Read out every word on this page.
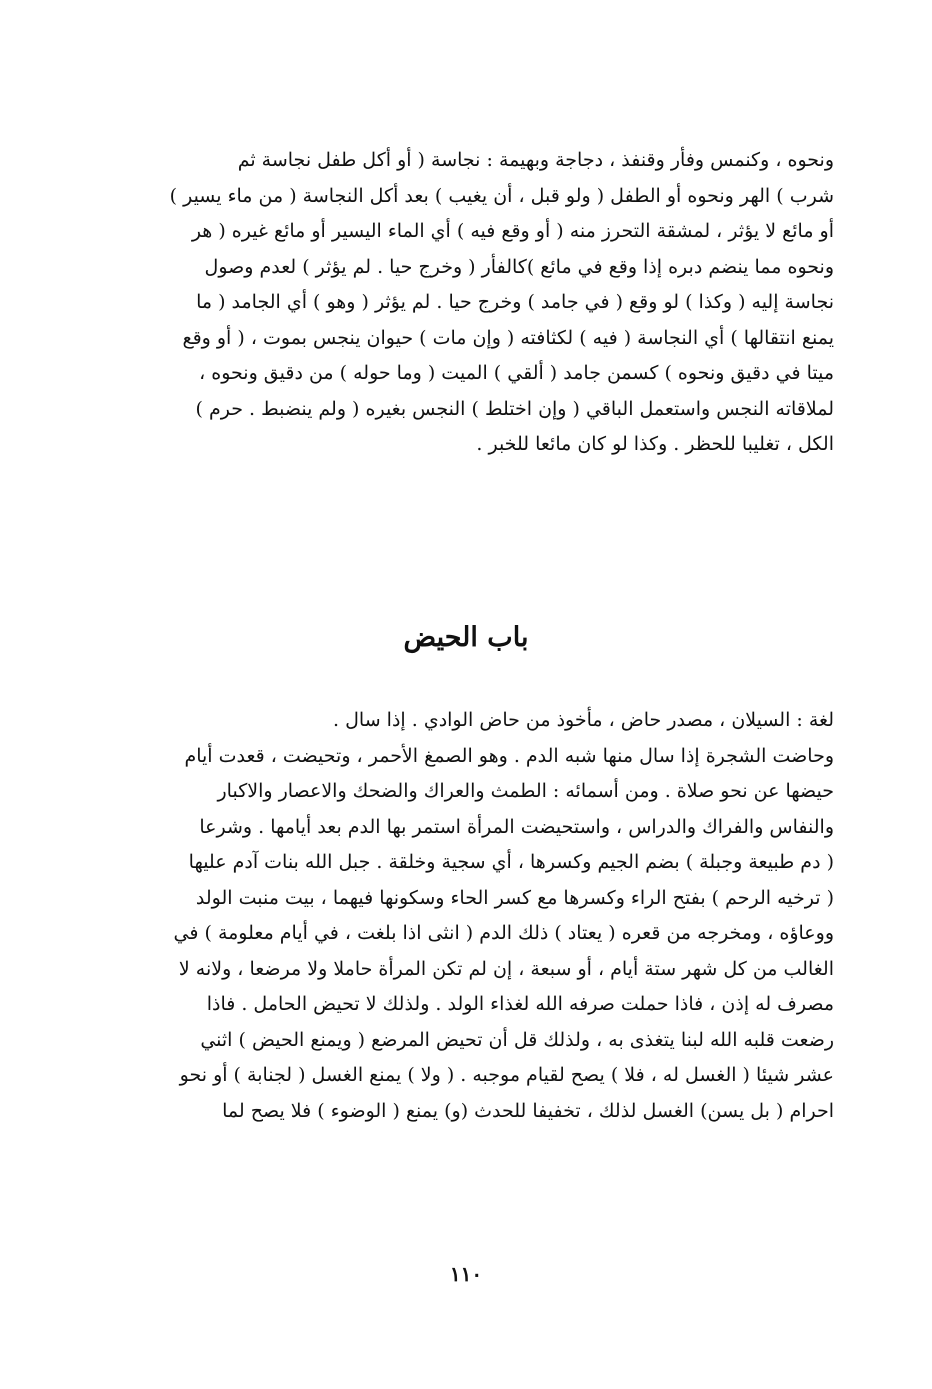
ونحوه ، وكنمس وفأر وقنفذ ، دجاجة وبهيمة : نجاسة ( أو أكل طفل نجاسة ثم
شرب ) الهر ونحوه أو الطفل ( ولو قبل ، أن يغيب ) بعد أكل النجاسة ( من ماء يسير )
أو مائع لا يؤثر ، لمشقة التحرز منه ( أو وقع فيه ) أي الماء اليسير أو مائع غيره ( هر
ونحوه مما ينضم دبره إذا وقع في مائع )كالفأر ( وخرج حيا . لم يؤثر ) لعدم وصول
نجاسة إليه ( وكذا ) لو وقع ( في جامد ) وخرج حيا . لم يؤثر ( وهو ) أي الجامد ( ما
يمنع انتقالها ) أي النجاسة ( فيه ) لكثافته ( وإن مات ) حيوان ينجس بموت ، ( أو وقع
ميتا في دقيق ونحوه ) كسمن جامد ( ألقي ) الميت ( وما حوله ) من دقيق ونحوه ،
لملاقاته النجس واستعمل الباقي ( وإن اختلط ) النجس بغيره ( ولم ينضبط . حرم )
الكل ، تغليبا للحظر . وكذا لو كان مائعا للخبر .
باب الحيض
لغة : السيلان ، مصدر حاض ، مأخوذ من حاض الوادي . إذا سال .
وحاضت الشجرة إذا سال منها شبه الدم . وهو الصمغ الأحمر ، وتحيضت ، قعدت أيام
حيضها عن نحو صلاة . ومن أسمائه : الطمث والعراك والضحك والاعصار والاكبار
والنفاس والفراك والدراس ، واستحيضت المرأة استمر بها الدم بعد أيامها . وشرعا
( دم طبيعة وجبلة ) بضم الجيم وكسرها ، أي سجية وخلقة . جبل الله بنات آدم عليها
( ترخيه الرحم ) بفتح الراء وكسرها مع كسر الحاء وسكونها فيهما ، بيت منبت الولد
ووعاؤه ، ومخرجه من قعره ( يعتاد ) ذلك الدم ( انثى اذا بلغت ، في أيام معلومة ) في
الغالب من كل شهر ستة أيام ، أو سبعة ، إن لم تكن المرأة حاملا ولا مرضعا ، ولانه لا
مصرف له إذن ، فاذا حملت صرفه الله لغذاء الولد . ولذلك لا تحيض الحامل . فاذا
رضعت قلبه الله لبنا يتغذى به ، ولذلك قل أن تحيض المرضع ( ويمنع الحيض ) اثني
عشر شيئا ( الغسل له ، فلا ) يصح لقيام موجبه . ( ولا ) يمنع الغسل ( لجنابة ) أو نحو
احرام ( بل يسن) الغسل لذلك ، تخفيفا للحدث (و) يمنع ( الوضوء ) فلا يصح لما
١١٠
